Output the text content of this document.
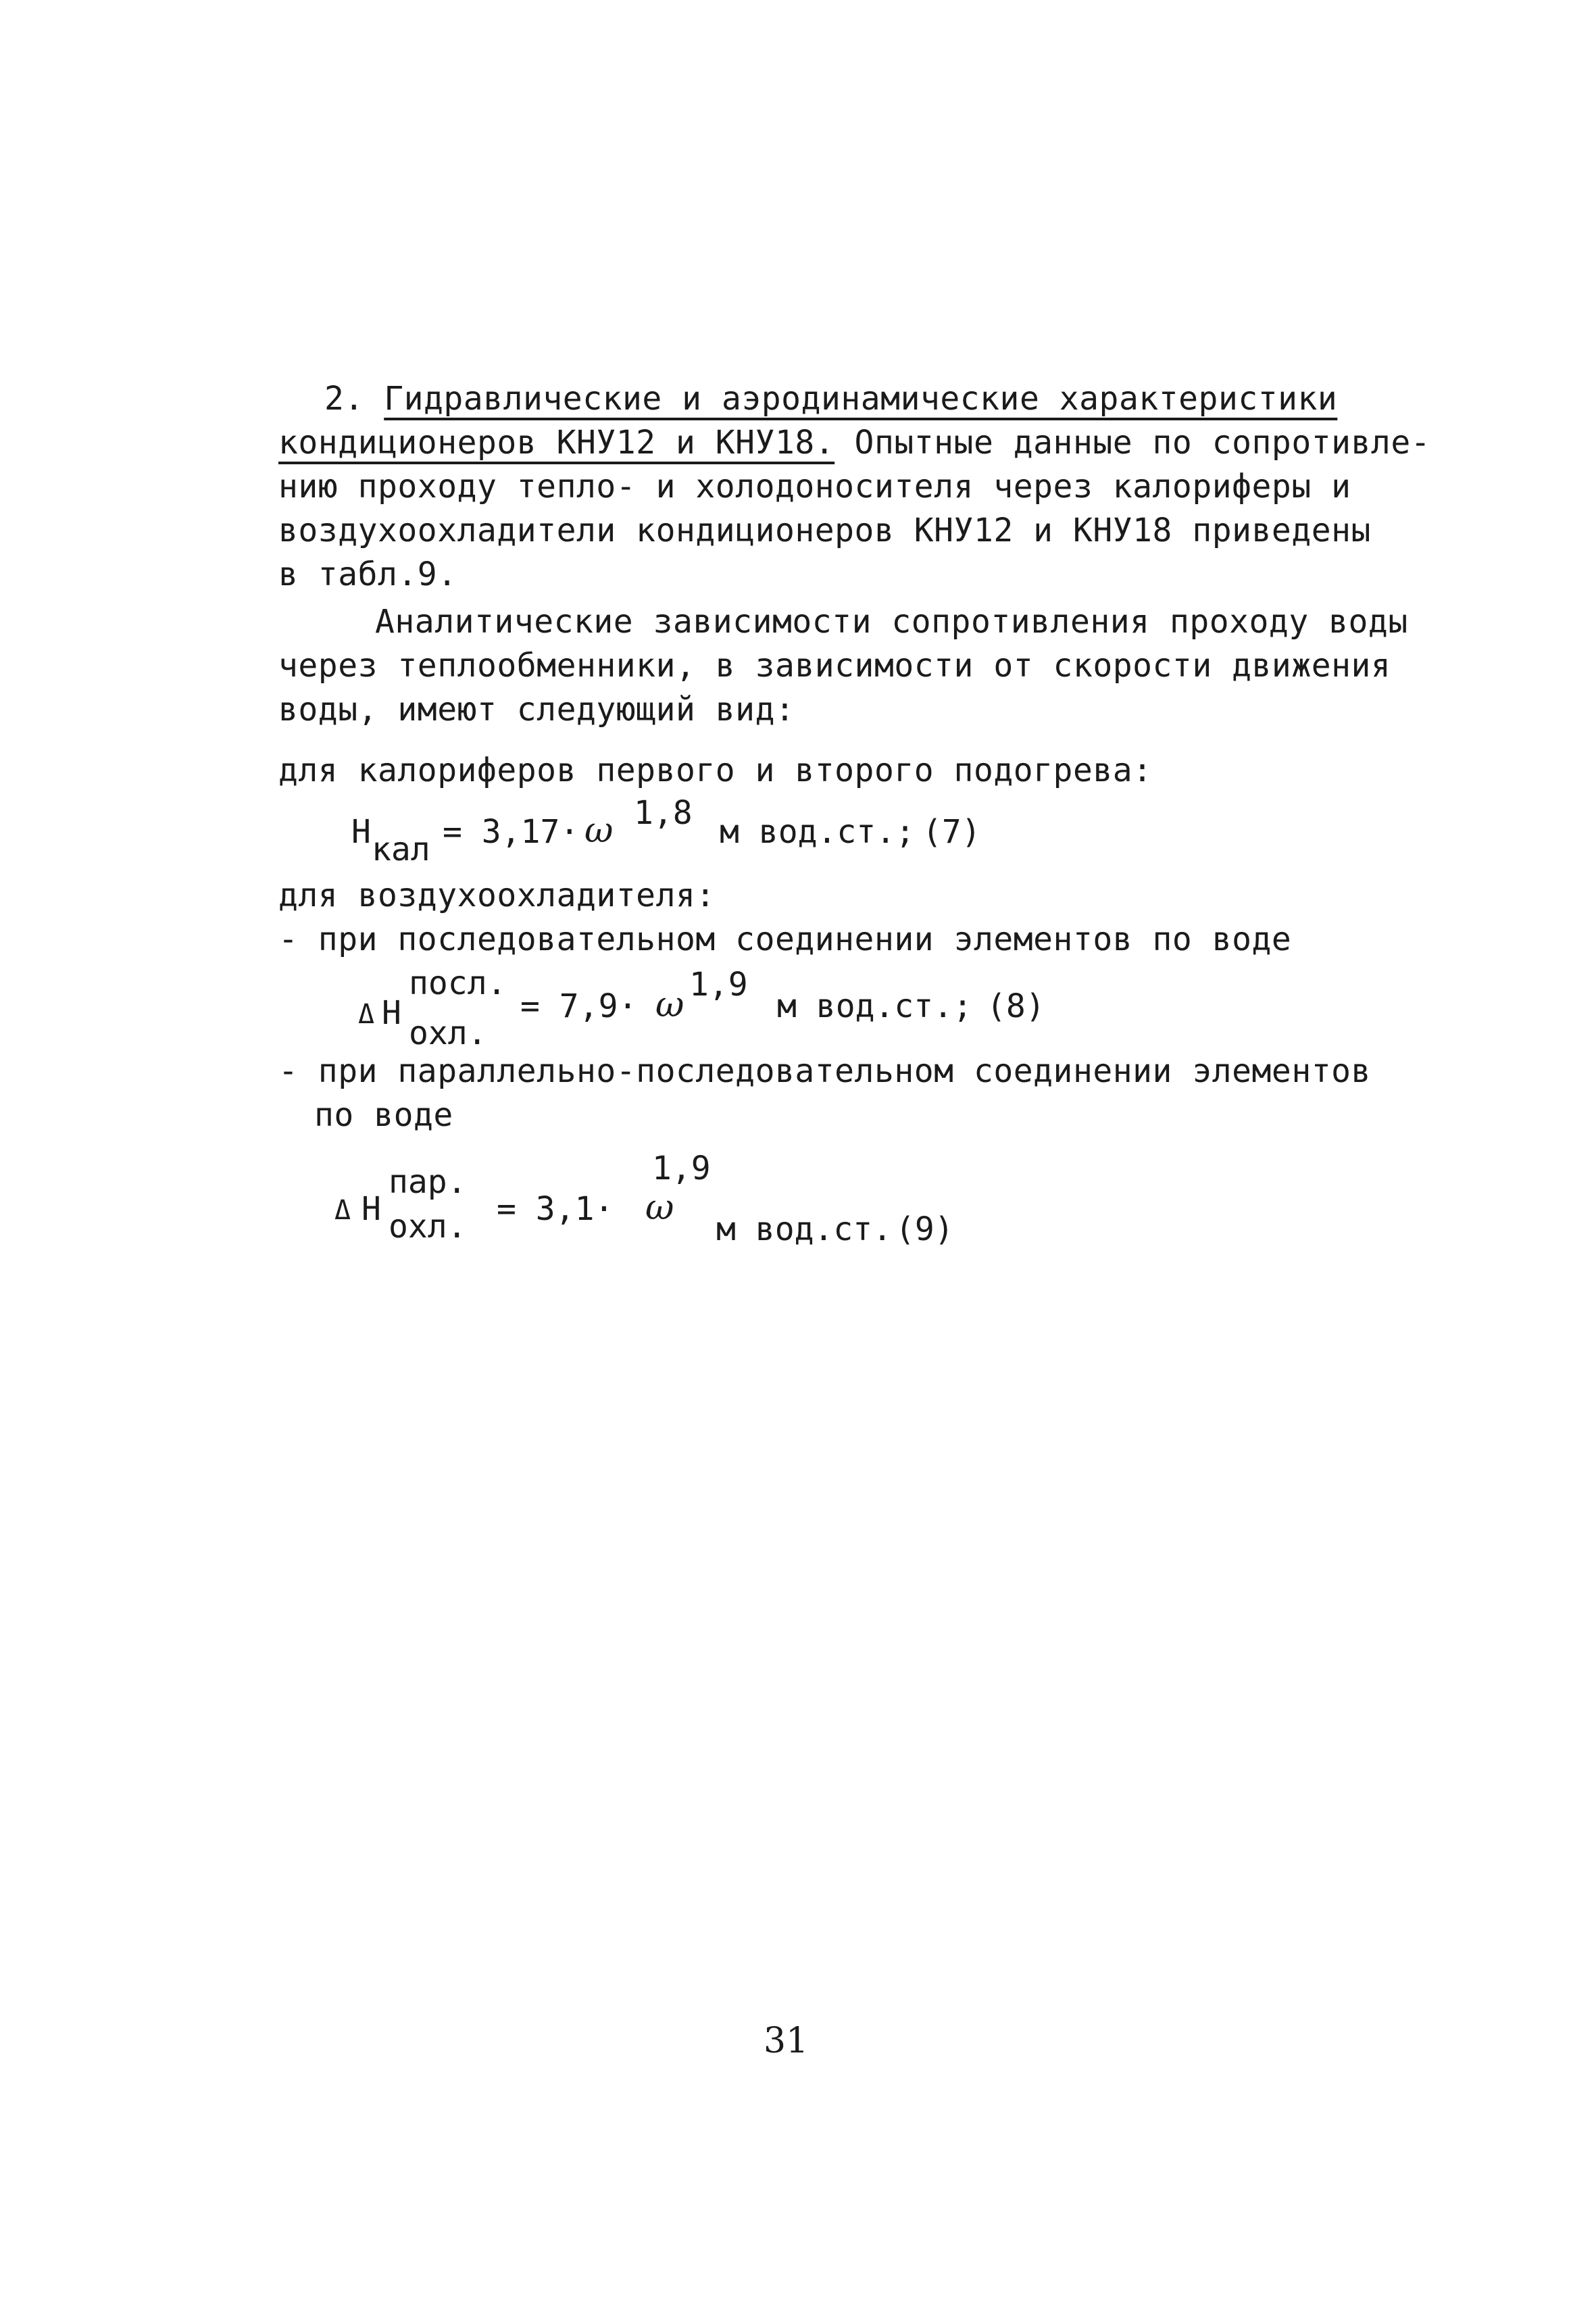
2. Гидравлические и аэродинамические характеристики
кондиционеров КНУ12 и КНУ18. Опытные данные по сопротивле-
нию проходу тепло- и холодоносителя через калориферы и
воздухоохладители кондиционеров КНУ12 и КНУ18 приведены
в табл.9.
Аналитические зависимости сопротивления проходу воды
через теплообменники, в зависимости от скорости движения
воды, имеют следующий вид:
для калориферов первого и второго подогрева:
H кал = 3,17· ω 1,8 м вод.ст.; (7)
для воздухоохладителя:
- при последовательном соединении элементов по воде
Δ H
посл.
охл.
= 7,9· ω 1,9
м вод.ст.; (8)
- при параллельно-последовательном соединении элементов
по воде
Δ H
пар.
охл. = 3,1· ω
1,9
м вод.ст. (9)
31
